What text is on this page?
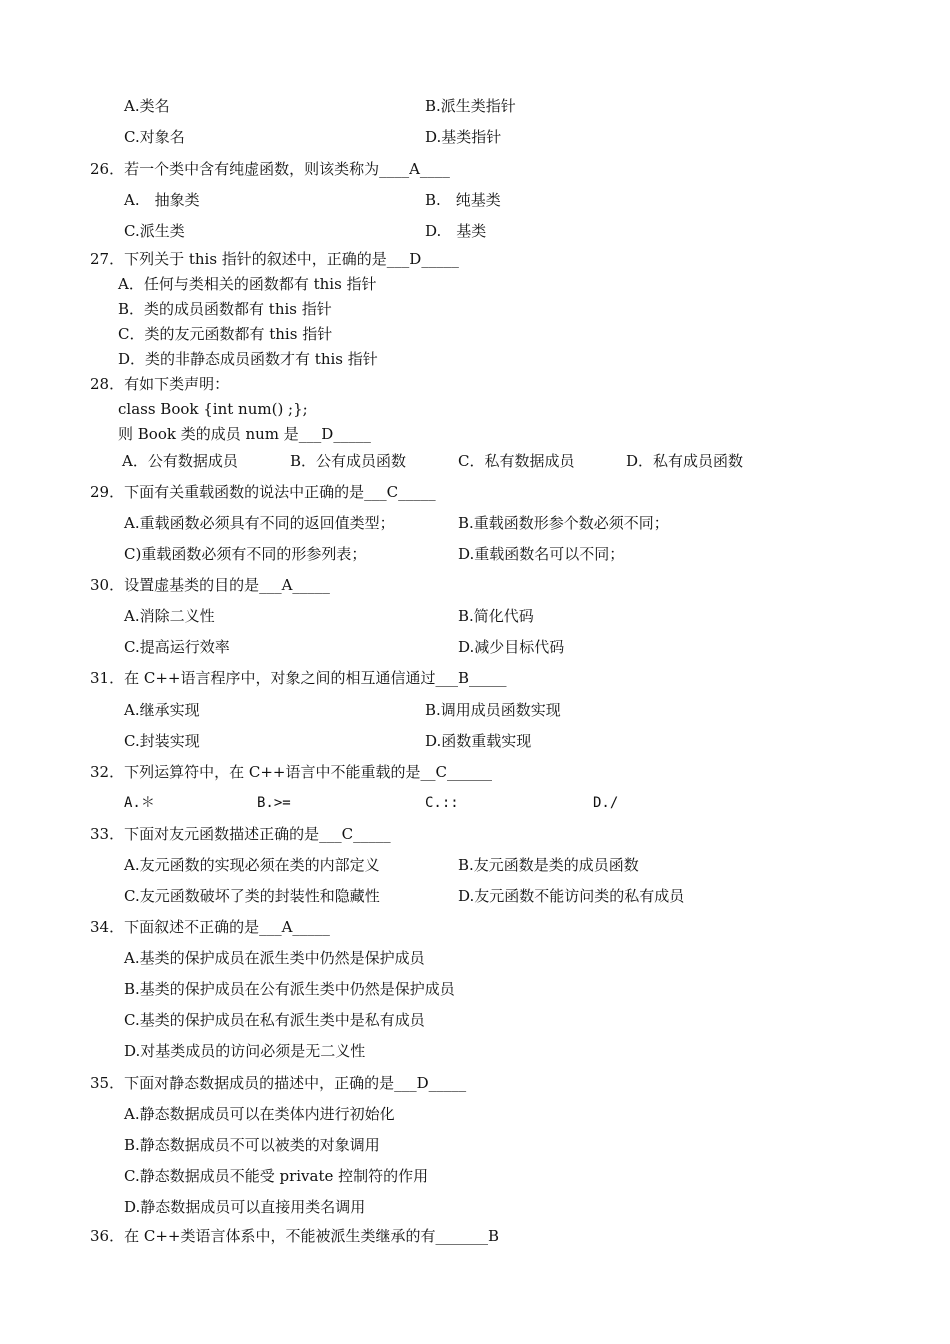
A.类名	B.派生类指针
C.对象名	D.基类指针
26．若一个类中含有纯虚函数，则该类称为____A____
A.　抽象类	B.　纯基类
C.派生类	D.　基类
27．下列关于 this 指针的叙述中，正确的是___D_____
A．任何与类相关的函数都有 this 指针
B．类的成员函数都有 this 指针
C．类的友元函数都有 this 指针
D．类的非静态成员函数才有 this 指针
28．有如下类声明：
class Book {int num() ;};
则 Book 类的成员 num 是___D_____
A．公有数据成员	B．公有成员函数	C．私有数据成员	D．私有成员函数
29．下面有关重载函数的说法中正确的是___C_____
A.重载函数必须具有不同的返回值类型；	B.重载函数形参个数必须不同；
C)重载函数必须有不同的形参列表；	D.重载函数名可以不同；
30．设置虚基类的目的是___A_____
A.消除二义性	B.简化代码
C.提高运行效率	D.减少目标代码
31．在 C++语言程序中，对象之间的相互通信通过___B_____
A.继承实现	B.调用成员函数实现
C.封装实现	D.函数重载实现
32．下列运算符中，在 C++语言中不能重载的是__C______
A.＊	B.>=	C.::	D./
33．下面对友元函数描述正确的是___C_____
A.友元函数的实现必须在类的内部定义	B.友元函数是类的成员函数
C.友元函数破坏了类的封装性和隐藏性	D.友元函数不能访问类的私有成员
34．下面叙述不正确的是___A_____
A.基类的保护成员在派生类中仍然是保护成员
B.基类的保护成员在公有派生类中仍然是保护成员
C.基类的保护成员在私有派生类中是私有成员
D.对基类成员的访问必须是无二义性
35．下面对静态数据成员的描述中，正确的是___D_____
A.静态数据成员可以在类体内进行初始化
B.静态数据成员不可以被类的对象调用
C.静态数据成员不能受 private 控制符的作用
D.静态数据成员可以直接用类名调用
36．在 C++类语言体系中，不能被派生类继承的有_______B
